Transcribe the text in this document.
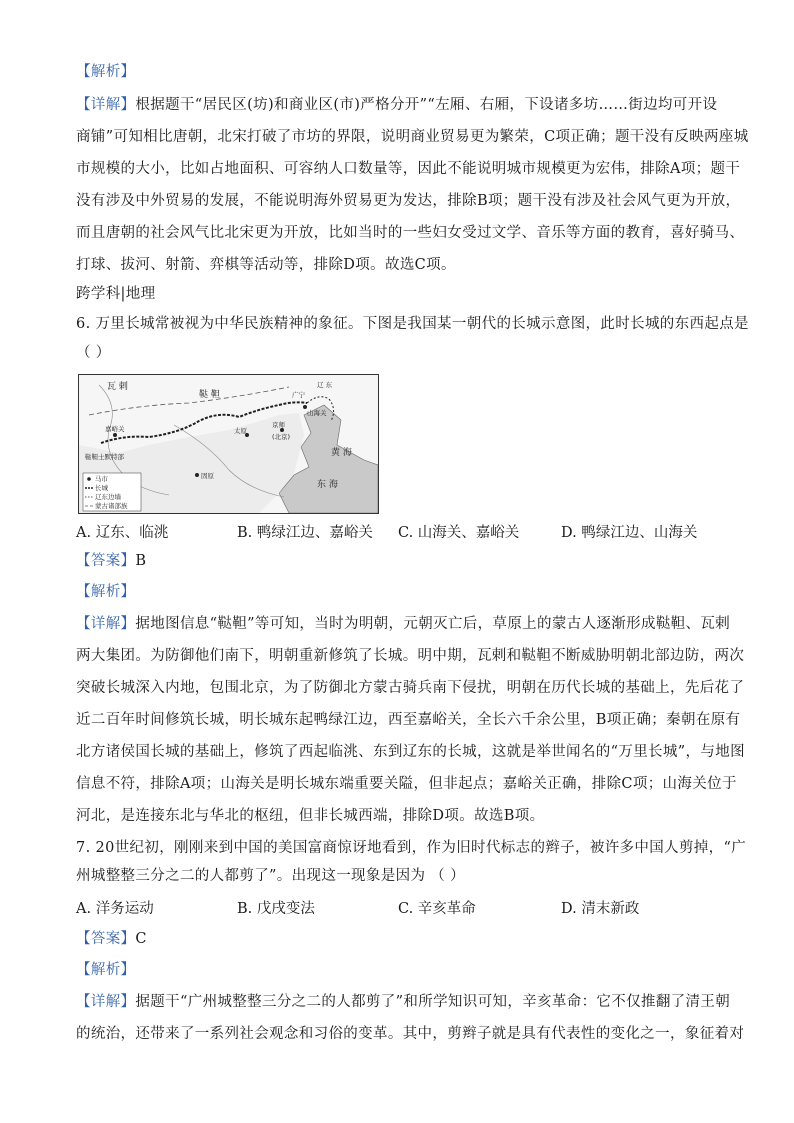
【解析】
【详解】根据题干“居民区(坊)和商业区(市)严格分开”“左厢、右厢，下设诸多坊……街边均可开设
商铺”可知相比唐朝，北宋打破了市坊的界限，说明商业贸易更为繁荣，C项正确；题干没有反映两座城
市规模的大小，比如占地面积、可容纳人口数量等，因此不能说明城市规模更为宏伟，排除A项；题干
没有涉及中外贸易的发展，不能说明海外贸易更为发达，排除B项；题干没有涉及社会风气更为开放，
而且唐朝的社会风气比北宋更为开放，比如当时的一些妇女受过文学、音乐等方面的教育，喜好骑马、
打球、拔河、射箭、弈棋等活动等，排除D项。故选C项。
跨学科|地理
6. 万里长城常被视为中华民族精神的象征。下图是我国某一朝代的长城示意图，此时长城的东西起点是
（ ）
瓦 剌
鞑 靼
辽 东
广宁
山海关
京师
(北京)
太原
固原
嘉峪关
鞑靼士默特部	黄 海
东 海
马市
长城
辽东边墙
蒙古诸部族
A. 辽东、临洮	B. 鸭绿江边、嘉峪关 C. 山海关、嘉峪关	D. 鸭绿江边、山海关
【答案】B
【解析】
【详解】据地图信息“鞑靼”等可知，当时为明朝，元朝灭亡后，草原上的蒙古人逐渐形成鞑靼、瓦剌
两大集团。为防御他们南下，明朝重新修筑了长城。明中期，瓦剌和鞑靼不断威胁明朝北部边防，两次
突破长城深入内地，包围北京，为了防御北方蒙古骑兵南下侵扰，明朝在历代长城的基础上，先后花了
近二百年时间修筑长城，明长城东起鸭绿江边，西至嘉峪关，全长六千余公里，B项正确；秦朝在原有
北方诸侯国长城的基础上，修筑了西起临洮、东到辽东的长城，这就是举世闻名的“万里长城”，与地图
信息不符，排除A项；山海关是明长城东端重要关隘，但非起点；嘉峪关正确，排除C项；山海关位于
河北，是连接东北与华北的枢纽，但非长城西端，排除D项。故选B项。
7. 20世纪初，刚刚来到中国的美国富商惊讶地看到，作为旧时代标志的辫子，被许多中国人剪掉，“广
州城整整三分之二的人都剪了”。出现这一现象是因为 （ ）
A. 洋务运动	B. 戊戌变法	C. 辛亥革命	D. 清末新政
【答案】C
【解析】
【详解】据题干“广州城整整三分之二的人都剪了”和所学知识可知，辛亥革命：它不仅推翻了清王朝
的统治，还带来了一系列社会观念和习俗的变革。其中，剪辫子就是具有代表性的变化之一，象征着对
